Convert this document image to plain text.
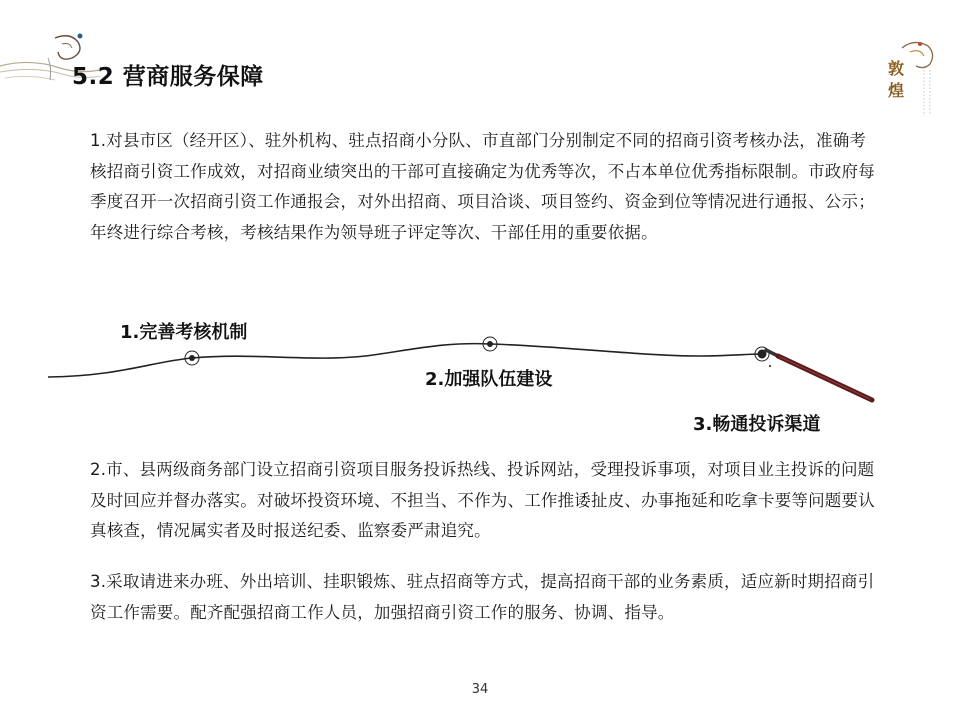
5.2 营商服务保障	敦
煌
1.对县市区（经开区）、驻外机构、驻点招商小分队、市直部门分别制定不同的招商引资考核办法，准确考核招商引资工作成效，对招商业绩突出的干部可直接确定为优秀等次，不占本单位优秀指标限制。市政府每季度召开一次招商引资工作通报会，对外出招商、项目洽谈、项目签约、资金到位等情况进行通报、公示；年终进行综合考核，考核结果作为领导班子评定等次、干部任用的重要依据。
1.完善考核机制
2.加强队伍建设
3.畅通投诉渠道
2.市、县两级商务部门设立招商引资项目服务投诉热线、投诉网站，受理投诉事项，对项目业主投诉的问题及时回应并督办落实。对破坏投资环境、不担当、不作为、工作推诿扯皮、办事拖延和吃拿卡要等问题要认真核查，情况属实者及时报送纪委、监察委严肃追究。
3.采取请进来办班、外出培训、挂职锻炼、驻点招商等方式，提高招商干部的业务素质，适应新时期招商引资工作需要。配齐配强招商工作人员，加强招商引资工作的服务、协调、指导。
34
